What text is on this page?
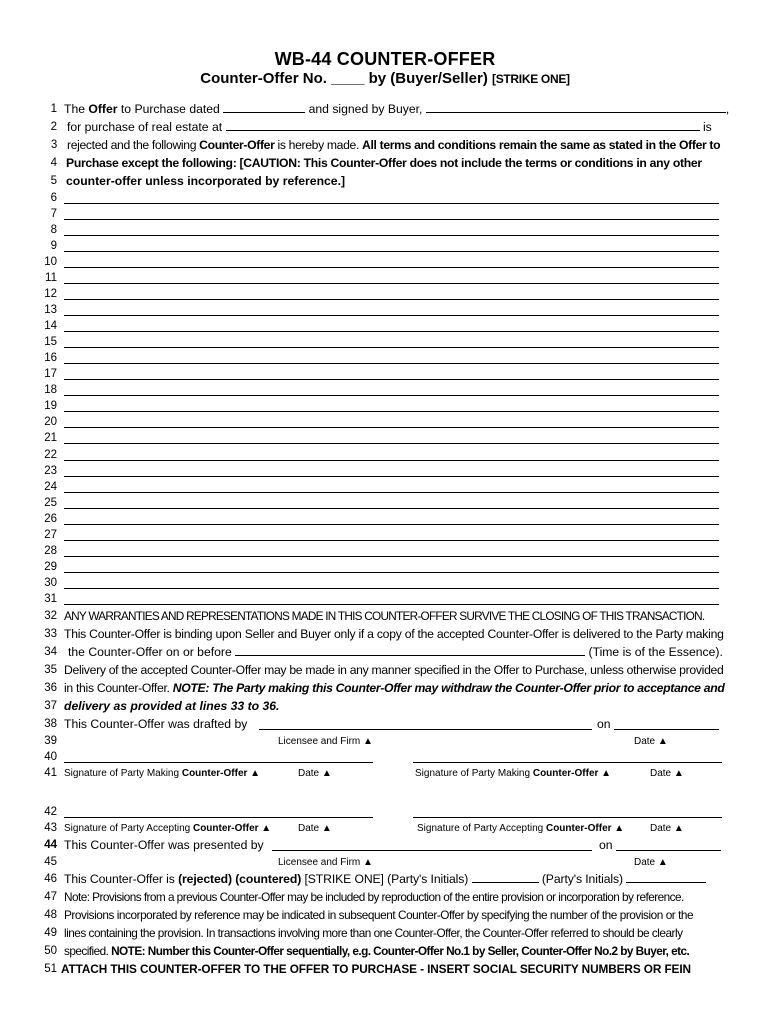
WB-44 COUNTER-OFFER
Counter-Offer No. ____ by (Buyer/Seller) [STRIKE ONE]
1 The Offer to Purchase dated	and signed by Buyer,	,
2 for purchase of real estate at	is
3 rejected and the following Counter-Offer is hereby made. All terms and conditions remain the same as stated in the Offer to
4 Purchase except the following: [CAUTION: This Counter-Offer does not include the terms or conditions in any other
5 counter-offer unless incorporated by reference.]
6
7
8
9
10
11
12
13
14
15
16
17
18
19
20
21
22
23
24
25
26
27
28
29
30
31
32 ANY WARRANTIES AND REPRESENTATIONS MADE IN THIS COUNTER-OFFER SURVIVE THE CLOSING OF THIS TRANSACTION.
33 This Counter-Offer is binding upon Seller and Buyer only if a copy of the accepted Counter-Offer is delivered to the Party making
34 the Counter-Offer on or before	(Time is of the Essence).
35 Delivery of the accepted Counter-Offer may be made in any manner specified in the Offer to Purchase, unless otherwise provided
36 in this Counter-Offer. NOTE: The Party making this Counter-Offer may withdraw the Counter-Offer prior to acceptance and
37 delivery as provided at lines 33 to 36.
38 This Counter-Offer was drafted by	on
39	Licensee and Firm ▲	Date ▲
40
41 Signature of Party Making Counter-Offer ▲	Date ▲	Signature of Party Making Counter-Offer ▲	Date ▲
42
43 Signature of Party Accepting Counter-Offer ▲	Date ▲	Signature of Party Accepting Counter-Offer ▲	Date ▲
44 This Counter-Offer was presented by	on
45	Licensee and Firm ▲	Date ▲
46 This Counter-Offer is (rejected) (countered) [STRIKE ONE] (Party's Initials)	(Party's Initials)
47 Note: Provisions from a previous Counter-Offer may be included by reproduction of the entire provision or incorporation by reference.
48 Provisions incorporated by reference may be indicated in subsequent Counter-Offer by specifying the number of the provision or the
49 lines containing the provision. In transactions involving more than one Counter-Offer, the Counter-Offer referred to should be clearly
50 specified. NOTE: Number this Counter-Offer sequentially, e.g. Counter-Offer No.1 by Seller, Counter-Offer No.2 by Buyer, etc.
51 ATTACH THIS COUNTER-OFFER TO THE OFFER TO PURCHASE - INSERT SOCIAL SECURITY NUMBERS OR FEIN
